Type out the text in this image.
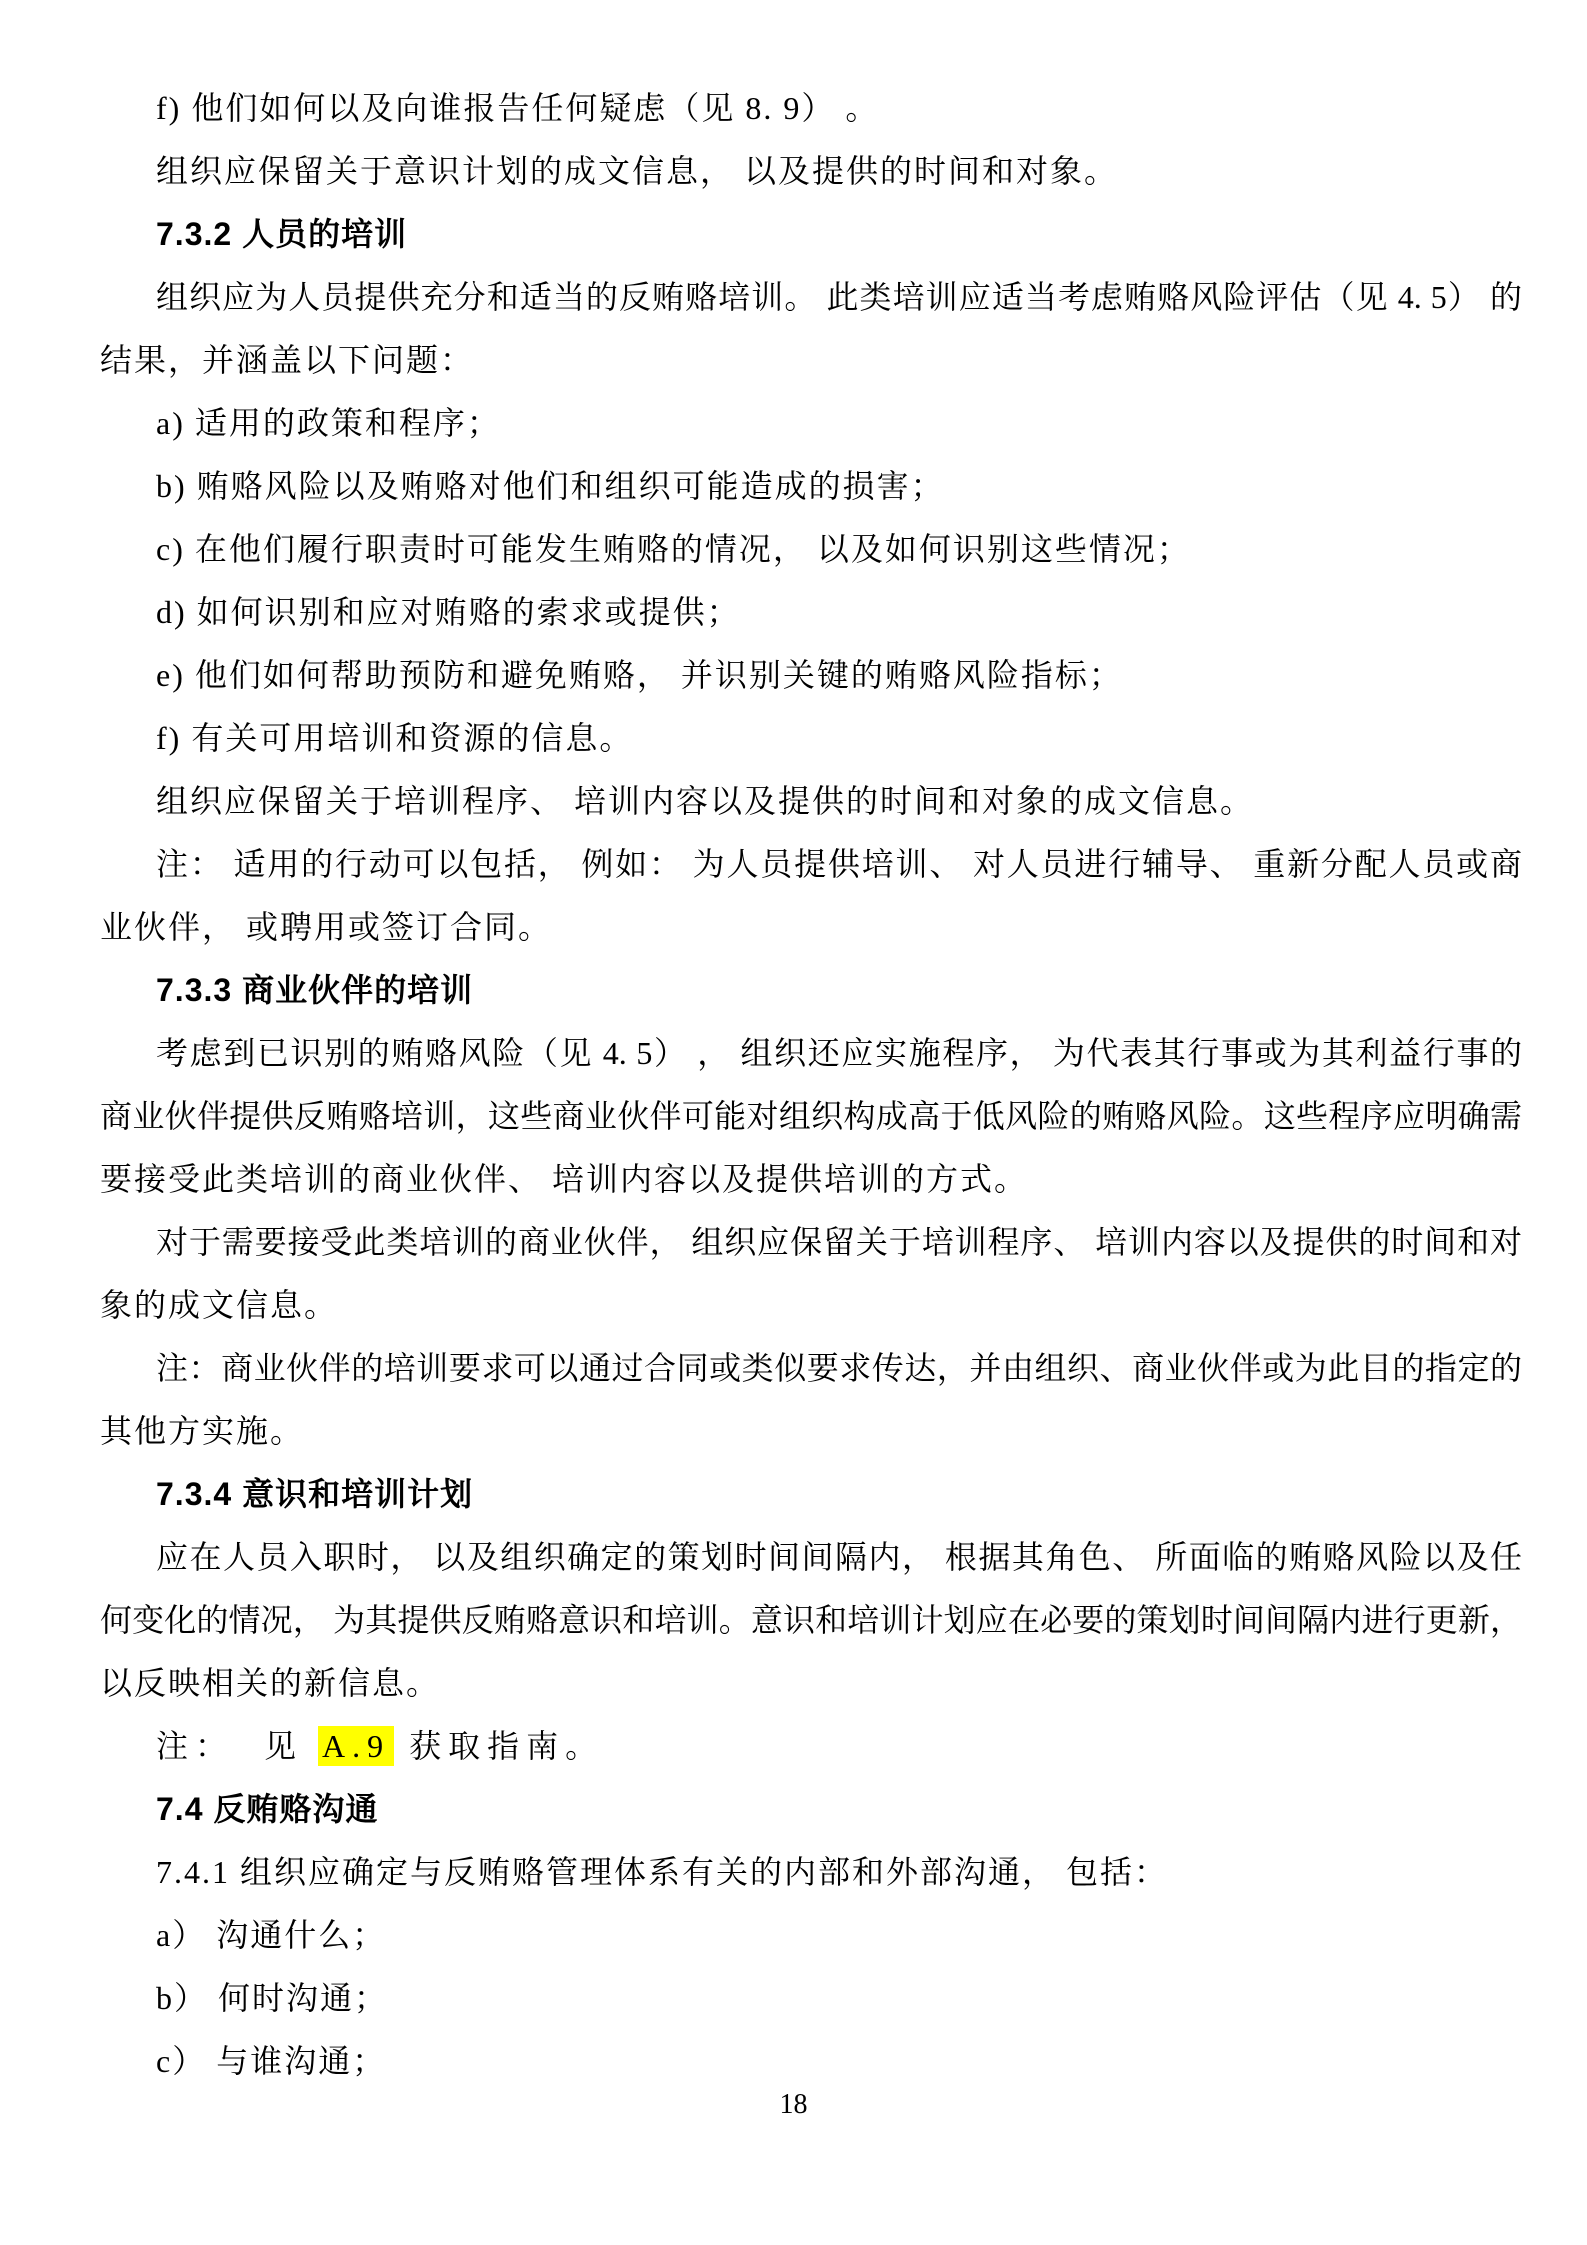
f) 他们如何以及向谁报告任何疑虑（见 8. 9） 。
组织应保留关于意识计划的成文信息， 以及提供的时间和对象。
7.3.2 人员的培训
组织应为人员提供充分和适当的反贿赂培训。 此类培训应适当考虑贿赂风险评估（见 4. 5） 的
结果，并涵盖以下问题：
a) 适用的政策和程序；
b) 贿赂风险以及贿赂对他们和组织可能造成的损害；
c) 在他们履行职责时可能发生贿赂的情况， 以及如何识别这些情况；
d) 如何识别和应对贿赂的索求或提供；
e) 他们如何帮助预防和避免贿赂， 并识别关键的贿赂风险指标；
f) 有关可用培训和资源的信息。
组织应保留关于培训程序、 培训内容以及提供的时间和对象的成文信息。
注： 适用的行动可以包括， 例如： 为人员提供培训、 对人员进行辅导、 重新分配人员或商
业伙伴， 或聘用或签订合同。
7.3.3 商业伙伴的培训
考虑到已识别的贿赂风险（见 4. 5） ， 组织还应实施程序， 为代表其行事或为其利益行事的
商业伙伴提供反贿赂培训，这些商业伙伴可能对组织构成高于低风险的贿赂风险。这些程序应明确需
要接受此类培训的商业伙伴、 培训内容以及提供培训的方式。
对于需要接受此类培训的商业伙伴， 组织应保留关于培训程序、 培训内容以及提供的时间和对
象的成文信息。
注：商业伙伴的培训要求可以通过合同或类似要求传达，并由组织、商业伙伴或为此目的指定的
其他方实施。
7.3.4 意识和培训计划
应在人员入职时， 以及组织确定的策划时间间隔内， 根据其角色、 所面临的贿赂风险以及任
何变化的情况， 为其提供反贿赂意识和培训。意识和培训计划应在必要的策划时间间隔内进行更新，
以反映相关的新信息。
注：  见 A.9 获取指南。
7.4 反贿赂沟通
7.4.1 组织应确定与反贿赂管理体系有关的内部和外部沟通， 包括：
a） 沟通什么；
b） 何时沟通；
c） 与谁沟通；
18
